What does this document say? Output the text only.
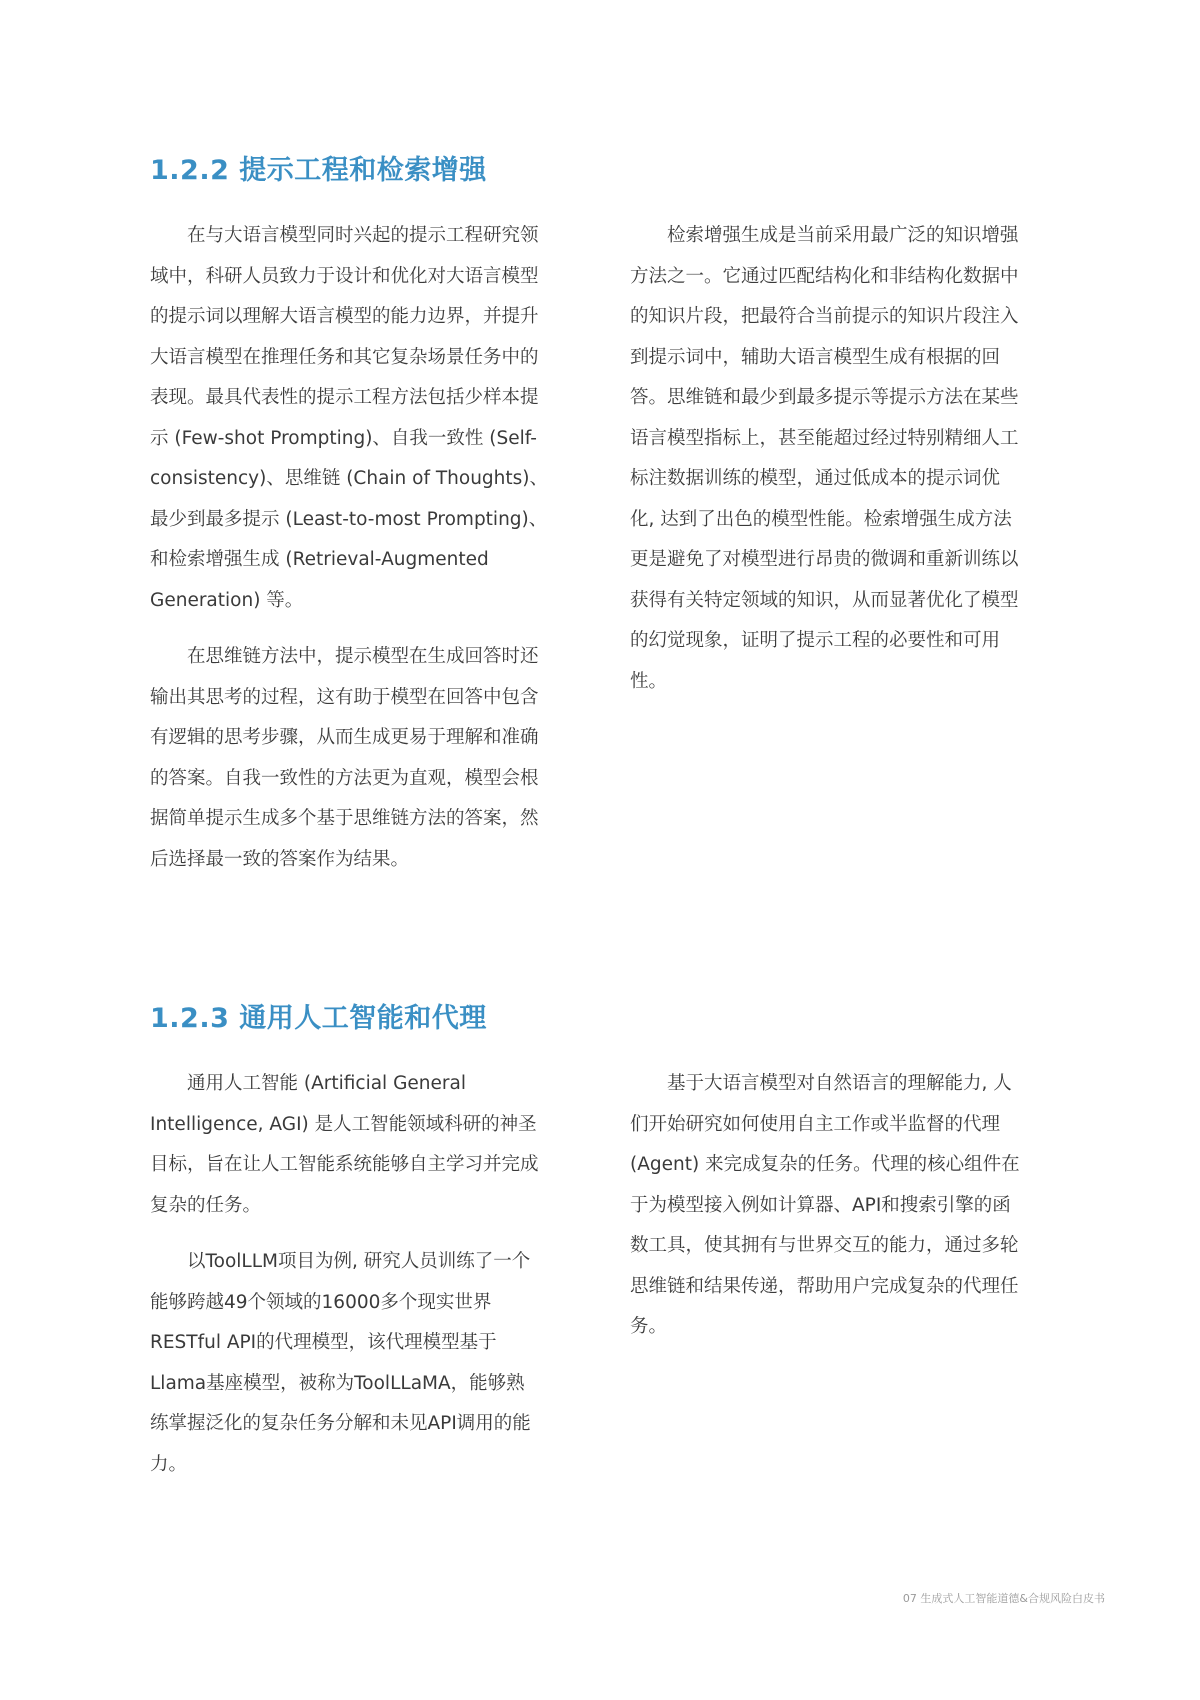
1.2.2 提示工程和检索增强

　　在与大语言模型同时兴起的提示工程研究领
域中，科研人员致力于设计和优化对大语言模型
的提示词以理解大语言模型的能力边界，并提升
大语言模型在推理任务和其它复杂场景任务中的
表现。最具代表性的提示工程方法包括少样本提
示 (Few-shot Prompting)、自我一致性 (Self-
consistency)、思维链 (Chain of Thoughts)、
最少到最多提示 (Least-to-most Prompting)、
和检索增强生成 (Retrieval-Augmented
Generation) 等。

　　在思维链方法中，提示模型在生成回答时还
输出其思考的过程，这有助于模型在回答中包含
有逻辑的思考步骤，从而生成更易于理解和准确
的答案。自我一致性的方法更为直观，模型会根
据简单提示生成多个基于思维链方法的答案，然
后选择最一致的答案作为结果。

　　检索增强生成是当前采用最广泛的知识增强
方法之一。它通过匹配结构化和非结构化数据中
的知识片段，把最符合当前提示的知识片段注入
到提示词中，辅助大语言模型生成有根据的回
答。思维链和最少到最多提示等提示方法在某些
语言模型指标上，甚至能超过经过特别精细人工
标注数据训练的模型，通过低成本的提示词优
化, 达到了出色的模型性能。检索增强生成方法
更是避免了对模型进行昂贵的微调和重新训练以
获得有关特定领域的知识，从而显著优化了模型
的幻觉现象，证明了提示工程的必要性和可用
性。

1.2.3 通用人工智能和代理

　　通用人工智能 (Artificial General
Intelligence, AGI) 是人工智能领域科研的神圣
目标，旨在让人工智能系统能够自主学习并完成
复杂的任务。

　　以ToolLLM项目为例, 研究人员训练了一个
能够跨越49个领域的16000多个现实世界
RESTful API的代理模型，该代理模型基于
Llama基座模型，被称为ToolLLaMA，能够熟
练掌握泛化的复杂任务分解和未见API调用的能
力。

　　基于大语言模型对自然语言的理解能力, 人
们开始研究如何使用自主工作或半监督的代理
(Agent) 来完成复杂的任务。代理的核心组件在
于为模型接入例如计算器、API和搜索引擎的函
数工具，使其拥有与世界交互的能力，通过多轮
思维链和结果传递，帮助用户完成复杂的代理任
务。

07 生成式人工智能道德&合规风险白皮书
